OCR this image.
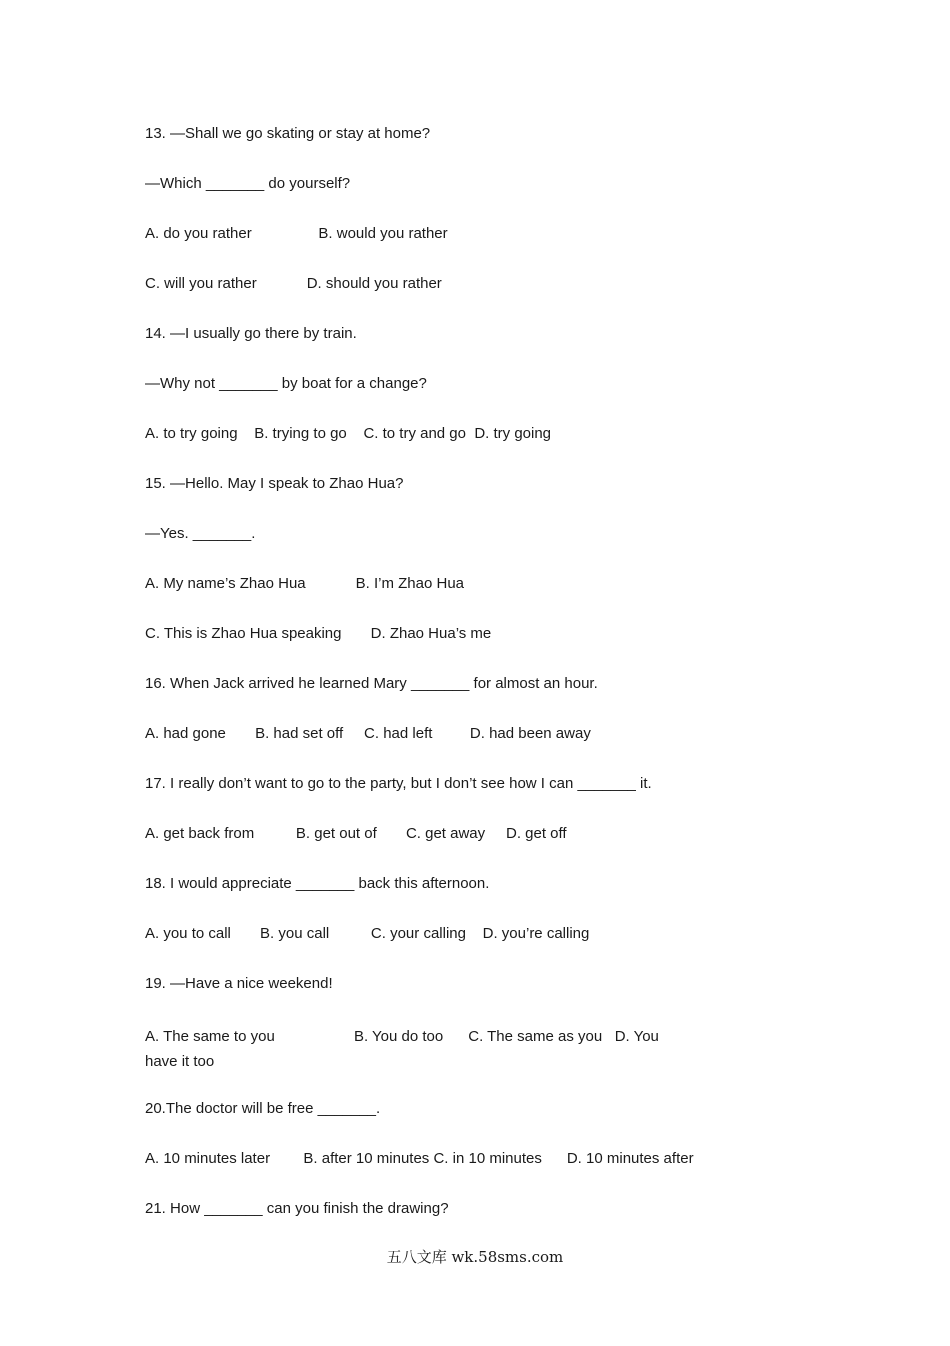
13. —Shall we go skating or stay at home?

—Which _______ do yourself?

A. do you rather                B. would you rather

C. will you rather            D. should you rather

14. —I usually go there by train.

—Why not _______ by boat for a change?

A. to try going    B. trying to go    C. to try and go  D. try going

15. —Hello. May I speak to Zhao Hua?

—Yes. _______.

A. My name’s Zhao Hua            B. I’m Zhao Hua

C. This is Zhao Hua speaking       D. Zhao Hua’s me

16. When Jack arrived he learned Mary _______ for almost an hour.

A. had gone       B. had set off     C. had left         D. had been away

17. I really don’t want to go to the party, but I don’t see how I can _______ it.

A. get back from          B. get out of       C. get away     D. get off

18. I would appreciate _______ back this afternoon.

A. you to call       B. you call          C. your calling    D. you’re calling

19. —Have a nice weekend!

A. The same to you                   B. You do too      C. The same as you   D. You have it too

20.The doctor will be free _______.

A. 10 minutes later        B. after 10 minutes C. in 10 minutes      D. 10 minutes after

21. How _______ can you finish the drawing?

五八文库 wk.58sms.com
